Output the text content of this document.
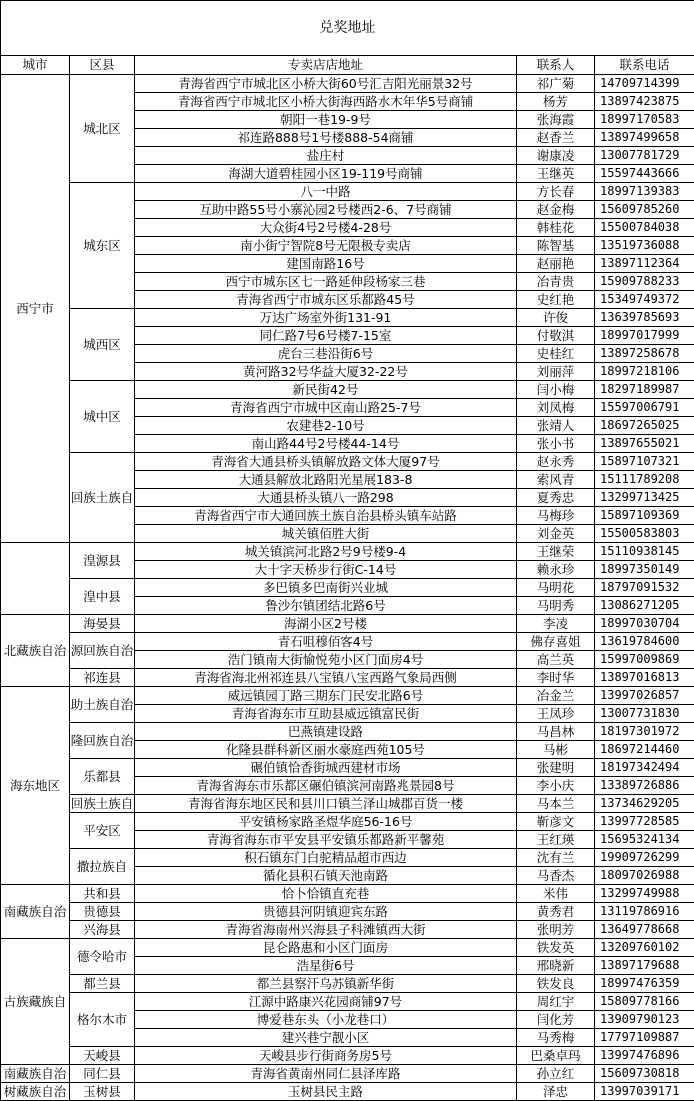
兑奖地址				
城市	区县	专卖店店地址	联系人	联系电话
西宁市	城北区	青海省西宁市城北区小桥大街60号汇吉阳光丽景32号	祁广菊	14709714399
		青海省西宁市城北区小桥大街海西路水木年华5号商铺	杨芳	13897423875
		朝阳一巷19-9号	张海霞	18997170583
		祁连路888号1号楼888-54商铺	赵香兰	13897499658
		盐庄村	谢康凌	13007781729
		海湖大道碧桂园小区19-119号商铺	王继英	15597443666
	城东区	八一中路	方长春	18997139383
		互助中路55号小寨沁园2号楼西2-6、7号商铺	赵金梅	15609785260
		大众街4号2号楼4-28号	韩桂花	15500784038
		南小街宁智院8号无限极专卖店	陈智基	13519736088
		建国南路16号	赵丽艳	13897112364
		西宁市城东区七一路延伸段杨家三巷	冶青贵	15909788233
		青海省西宁市城东区乐都路45号	史红艳	15349749372
	城西区	万达广场室外街131-91	许俊	13639785693
		同仁路7号6号楼7-15室	付敬淇	18997017999
		虎台三巷沿街6号	史桂红	13897258678
		黄河路32号华益大厦32-22号	刘丽萍	18997218106
	城中区	新民街42号	闫小梅	18297189987
		青海省西宁市城中区南山路25-7号	刘凤梅	15597006791
		农建巷2-10号	张靖人	18697265025
		南山路44号2号楼44-14号	张小书	13897655021
	回族土族自	青海省大通县桥头镇解放路文体大厦97号	赵永秀	15897107321
		大通县解放北路阳光星展183-8	索风青	15111789208
		大通县桥头镇八一路298	夏秀忠	13299713425
		青海省西宁市大通回族土族自治县桥头镇车站路	马梅珍	15897109369
		城关镇佰胜大街	刘金英	15500583803
	湟源县	城关镇滨河北路2号9号楼9-4	王继荣	15110938145
		大十字天桥步行街C-14号	赖永珍	18997350149
	湟中县	多巴镇多巴南街兴业城	马明花	18797091532
		鲁沙尔镇团结北路6号	马明秀	13086271205
北藏族自治	海晏县	海湖小区2号楼	李凌	18997030704
	源回族自治	青石咀穆佰客4号	佛存喜姐	13619784600
		浩门镇南大街愉悦苑小区门面房4号	高兰英	15997009869
	祁连县	青海省海北州祁连县八宝镇八宝西路气象局西侧	李时华	13897016813
海东地区	助土族自治	威远镇园丁路三期东门民安北路6号	冶金兰	13997026857
		青海省海东市互助县威远镇富民街	王凤珍	13007731830
	隆回族自治	巴燕镇建设路	马昌林	18197301972
		化隆县群科新区丽水豪庭西苑105号	马彬	18697214460
	乐都县	碾伯镇恰香街城西建材市场	张建明	18197342494
		青海省海东市乐都区碾伯镇滨河南路兆景园8号	李小庆	13389726886
	回族土族自	青海省海东地区民和县川口镇兰泽山城郡百货一楼	马本兰	13734629205
	平安区	平安镇杨家路圣煜华庭56-16号	靳彦文	13997728585
		青海省海东市平安县平安镇乐都路新平馨苑	王红瑛	15695324134
	撒拉族自	积石镇东门白驼精品超市西边	沈有兰	19909726299
		循化县积石镇天池南路	马香杰	18097026988
南藏族自治	共和县	恰卜恰镇直充巷	米伟	13299749988
	贵德县	贵德县河阴镇迎宾东路	黄秀君	13119786916
	兴海县	青海省海南州兴海县子科滩镇西大街	张明芳	13649778668
古族藏族自	德令哈市	昆仑路惠和小区门面房	铁发英	13209760102
		浩星街6号	邢晓新	13897179688
	都兰县	都兰县察汗乌苏镇新华街	铁发良	18997476359
	格尔木市	江源中路康兴花园商铺97号	周红宇	15809778166
		博爱巷东头（小龙巷口）	闫化芳	13909790123
		建兴巷宁靓小区	马秀梅	17797109887
	天峻县	天峻县步行街商务房5号	巴桑卓玛	13997476896
南藏族自治	同仁县	青海省黄南州同仁县泽库路	孙立红	15609730818
树藏族自治	玉树县	玉树县民主路	泽忠	13997039171
